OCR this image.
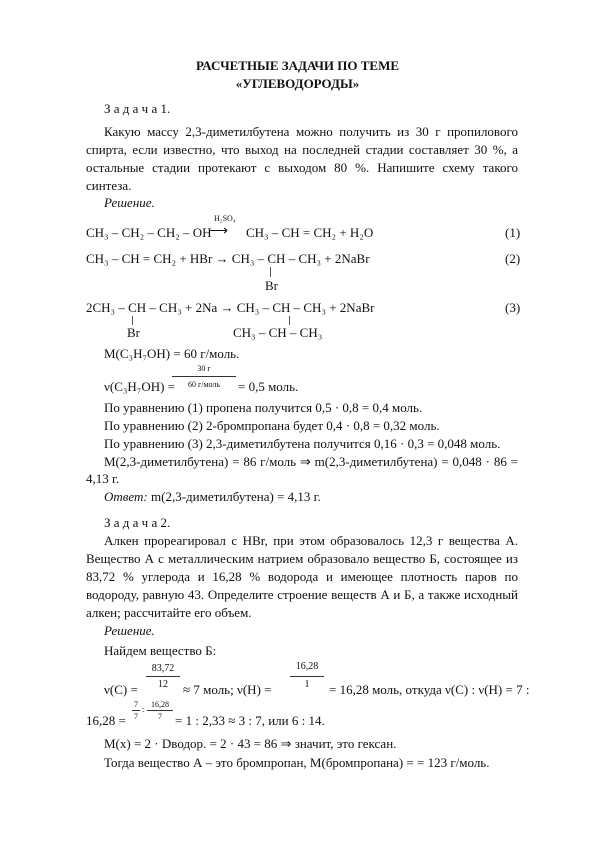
РАСЧЕТНЫЕ ЗАДАЧИ ПО ТЕМЕ
«УГЛЕВОДОРОДЫ»
З а д а ч а 1.
Какую массу 2,3-диметилбутена можно получить из 30 г пропилового
спирта, если известно, что выход на последней стадии составляет 30 %, а
остальные стадии протекают с выходом 80 %. Напишите схему такого
синтеза.
Решение.
CH₃ – CH₂ – CH₂ – OH
H₂SO₄
⟶ CH₃ – CH = CH₂ + H₂O	(1)
CH₃ – CH = CH₂ + HBr → CH₃ – CH – CH₃ + 2NaBr
Br
(2)
2CH₃ – CH – CH₃ + 2Na → CH₃ – CH – CH₃ + 2NaBr
Br	CH₃ – CH – CH₃
(3)
M(C₃H₇OH) = 60 г/моль.
ν(C₃H₇OH) =
30 г
60 г/моль	= 0,5 моль.
По уравнению (1) пропена получится 0,5 · 0,8 = 0,4 моль.
По уравнению (2) 2-бромпропана будет 0,4 · 0,8 = 0,32 моль.
По уравнению (3) 2,3-диметилбутена получится 0,16 · 0,3 = 0,048 моль.
M(2,3-диметилбутена) = 86 г/моль ⇒ m(2,3-диметилбутена) = 0,048 · 86 =
4,13 г.
Ответ: m(2,3-диметилбутена) = 4,13 г.
З а д а ч а 2.
Алкен прореагировал с HBr, при этом образовалось 12,3 г вещества А.
Вещество А с металлическим натрием образовало вещество Б, состоящее из
83,72 % углерода и 16,28 % водорода и имеющее плотность паров по
водороду, равную 43. Определите строение веществ А и Б, а также исходный
алкен; рассчитайте его объем.
Решение.
Найдем вещество Б:
ν(C) =
83,72
12	≈ 7 моль; ν(H) =
16,28
1	= 16,28 моль, откуда ν(C) : ν(H) = 7 :
16,28 =
7
7
:
16,28
7	= 1 : 2,33 ≈ 3 : 7, или 6 : 14.
M(x) = 2 · Dводор. = 2 · 43 = 86 ⇒ значит, это гексан.
Тогда вещество А – это бромпропан, M(бромпропана) = = 123 г/моль.
